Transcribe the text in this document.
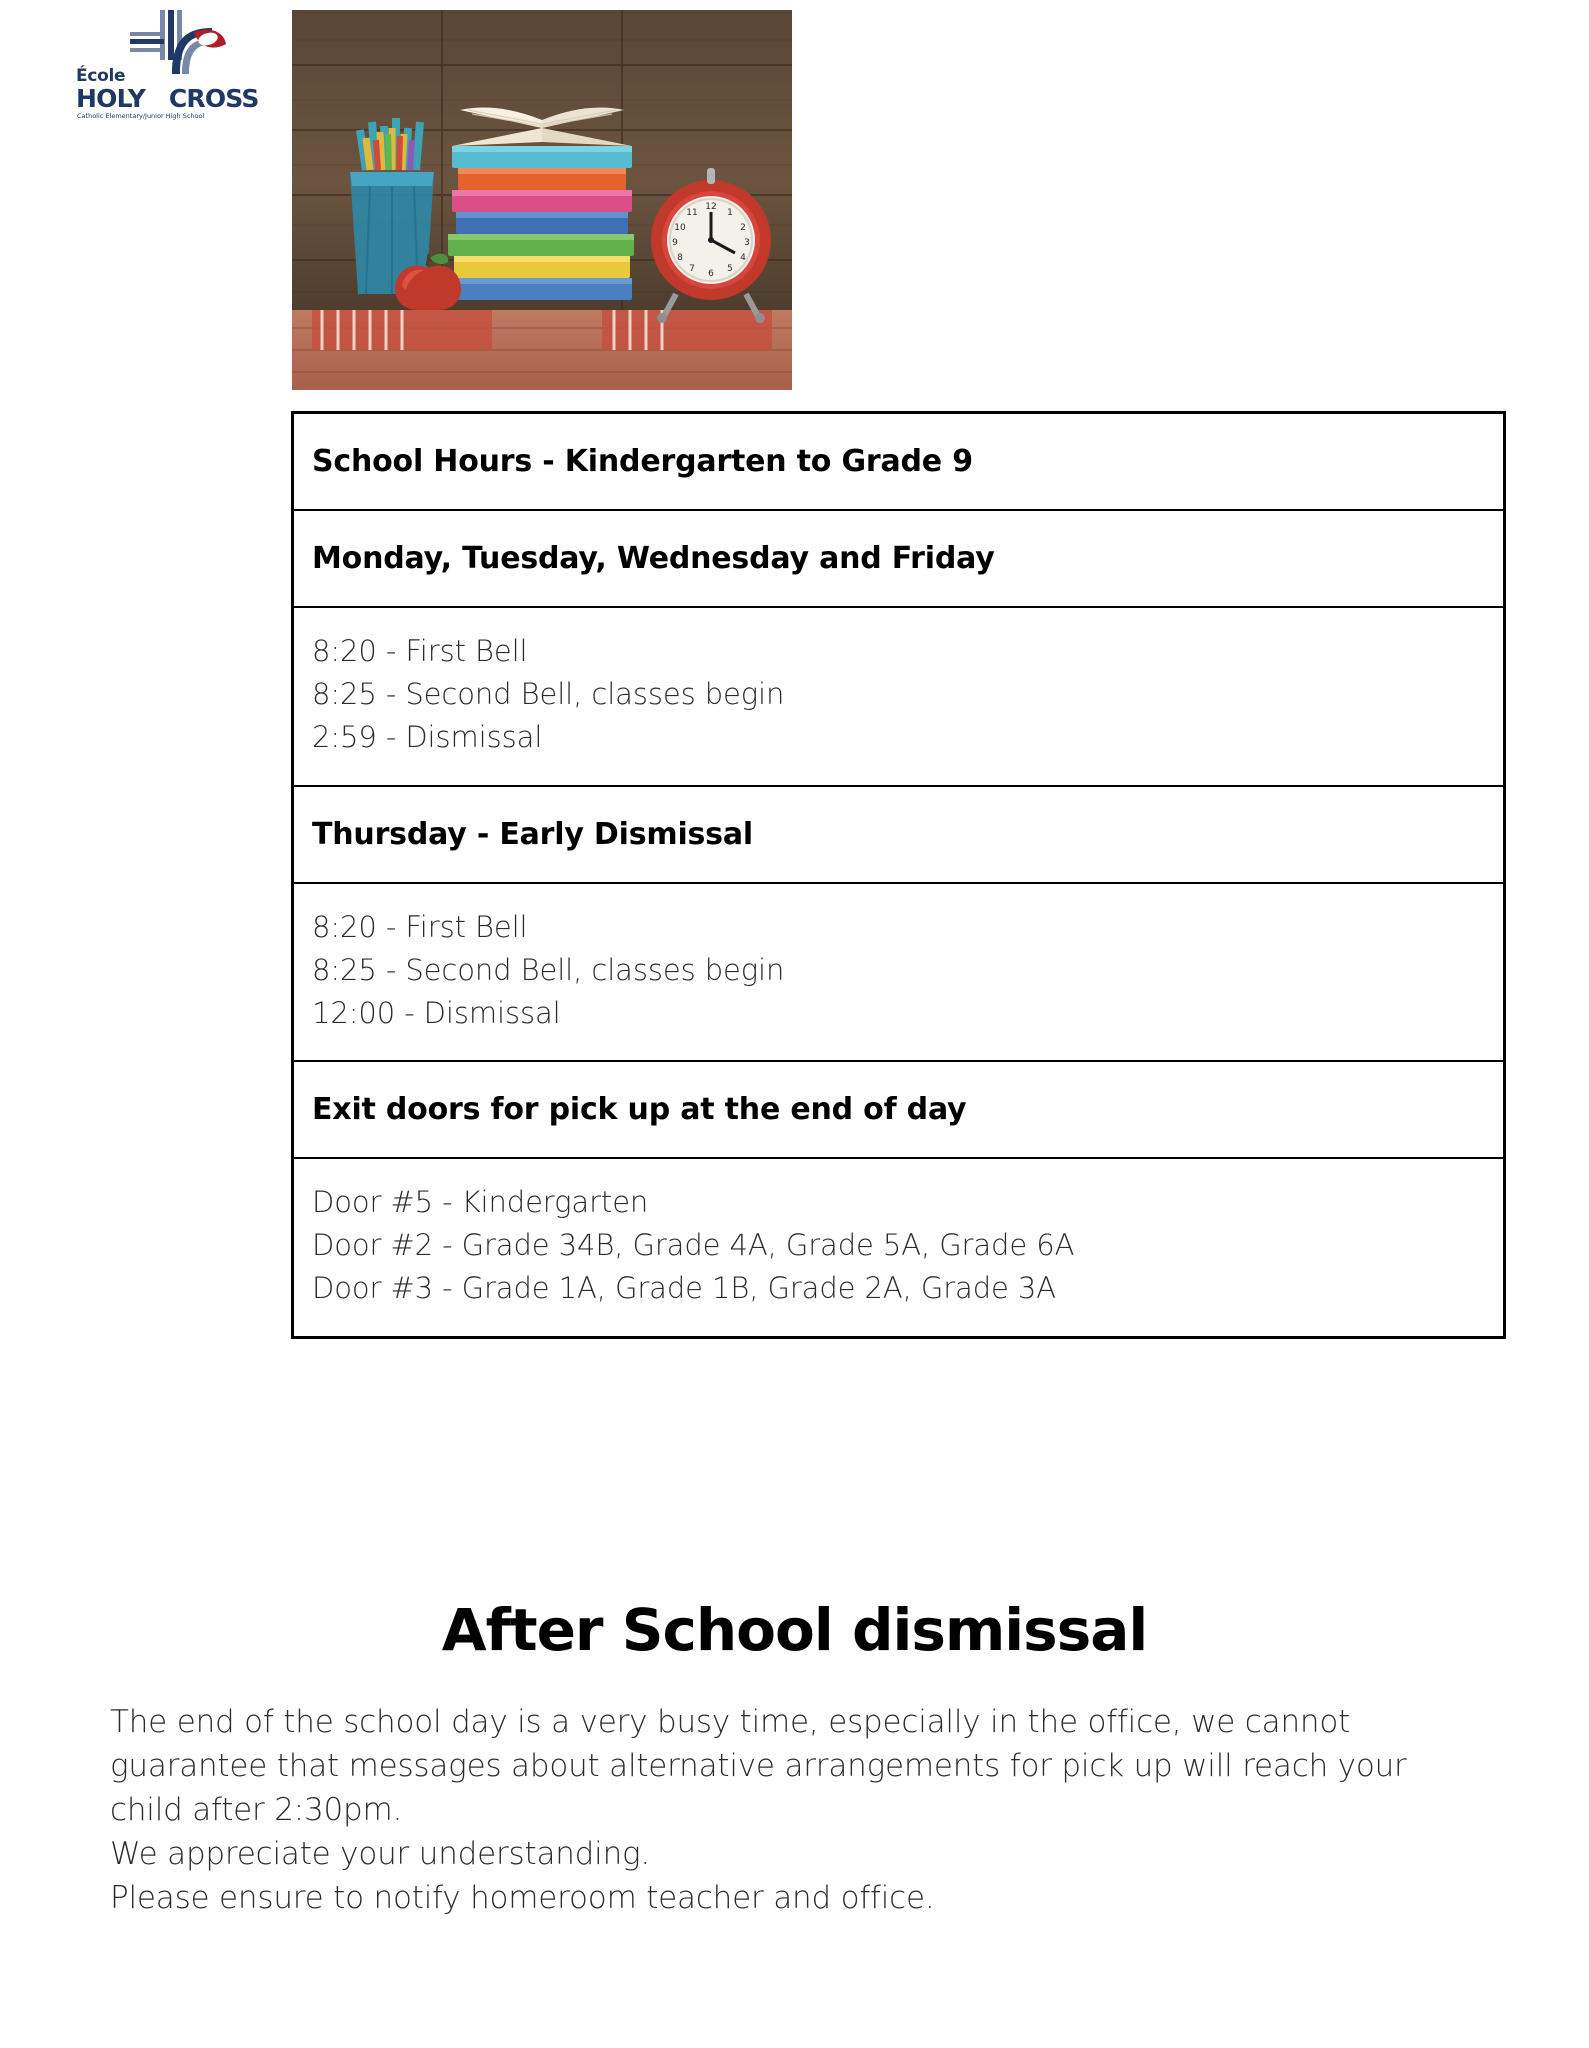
École
HOLY CROSS
Catholic Elementary/Junior High School
12
1
2
3
4
5
6
7
8
9
10
11
School Hours - Kindergarten to Grade 9
Monday, Tuesday, Wednesday and Friday
8:20 - First Bell
8:25 - Second Bell, classes begin
2:59 - Dismissal
Thursday - Early Dismissal
8:20 - First Bell
8:25 - Second Bell, classes begin
12:00 - Dismissal
Exit doors for pick up at the end of day
Door #5 - Kindergarten
Door #2 - Grade 34B, Grade 4A, Grade 5A, Grade 6A
Door #3 - Grade 1A, Grade 1B, Grade 2A, Grade 3A
After School dismissal

The end of the school day is a very busy time, especially in the office, we cannot guarantee that messages about alternative arrangements for pick up will reach your child after 2:30pm.

We appreciate your understanding.

Please ensure to notify homeroom teacher and office.
